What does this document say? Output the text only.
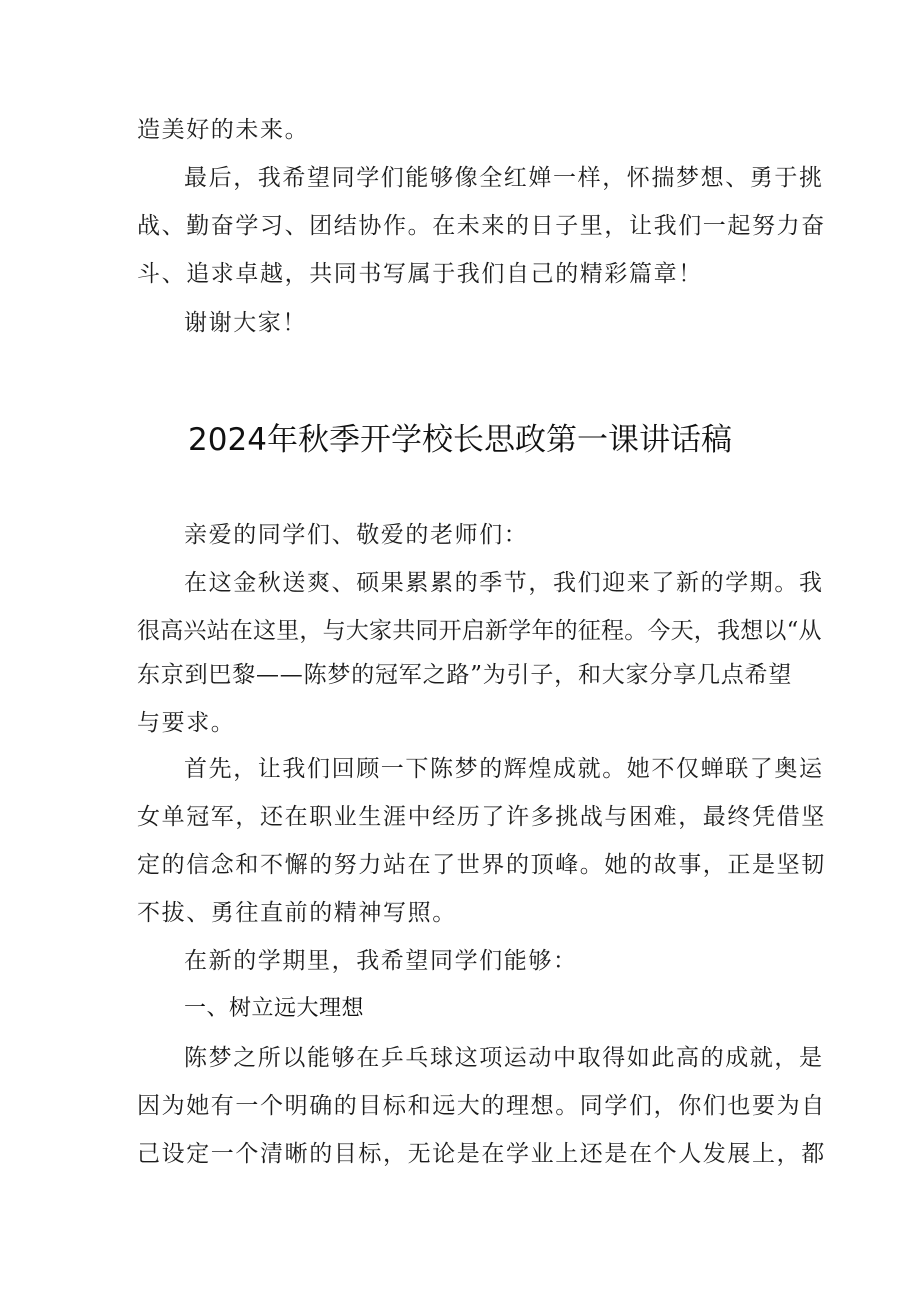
造美好的未来。
最后，我希望同学们能够像全红婵一样，怀揣梦想、勇于挑
战、勤奋学习、团结协作。在未来的日子里，让我们一起努力奋
斗、追求卓越，共同书写属于我们自己的精彩篇章！
谢谢大家！
2024年秋季开学校长思政第一课讲话稿
亲爱的同学们、敬爱的老师们：
在这金秋送爽、硕果累累的季节，我们迎来了新的学期。我
很高兴站在这里，与大家共同开启新学年的征程。今天，我想以“从
东京到巴黎——陈梦的冠军之路”为引子，和大家分享几点希望
与要求。
首先，让我们回顾一下陈梦的辉煌成就。她不仅蝉联了奥运
女单冠军，还在职业生涯中经历了许多挑战与困难，最终凭借坚
定的信念和不懈的努力站在了世界的顶峰。她的故事，正是坚韧
不拔、勇往直前的精神写照。
在新的学期里，我希望同学们能够：
一、树立远大理想
陈梦之所以能够在乒乓球这项运动中取得如此高的成就，是
因为她有一个明确的目标和远大的理想。同学们，你们也要为自
己设定一个清晰的目标，无论是在学业上还是在个人发展上，都
